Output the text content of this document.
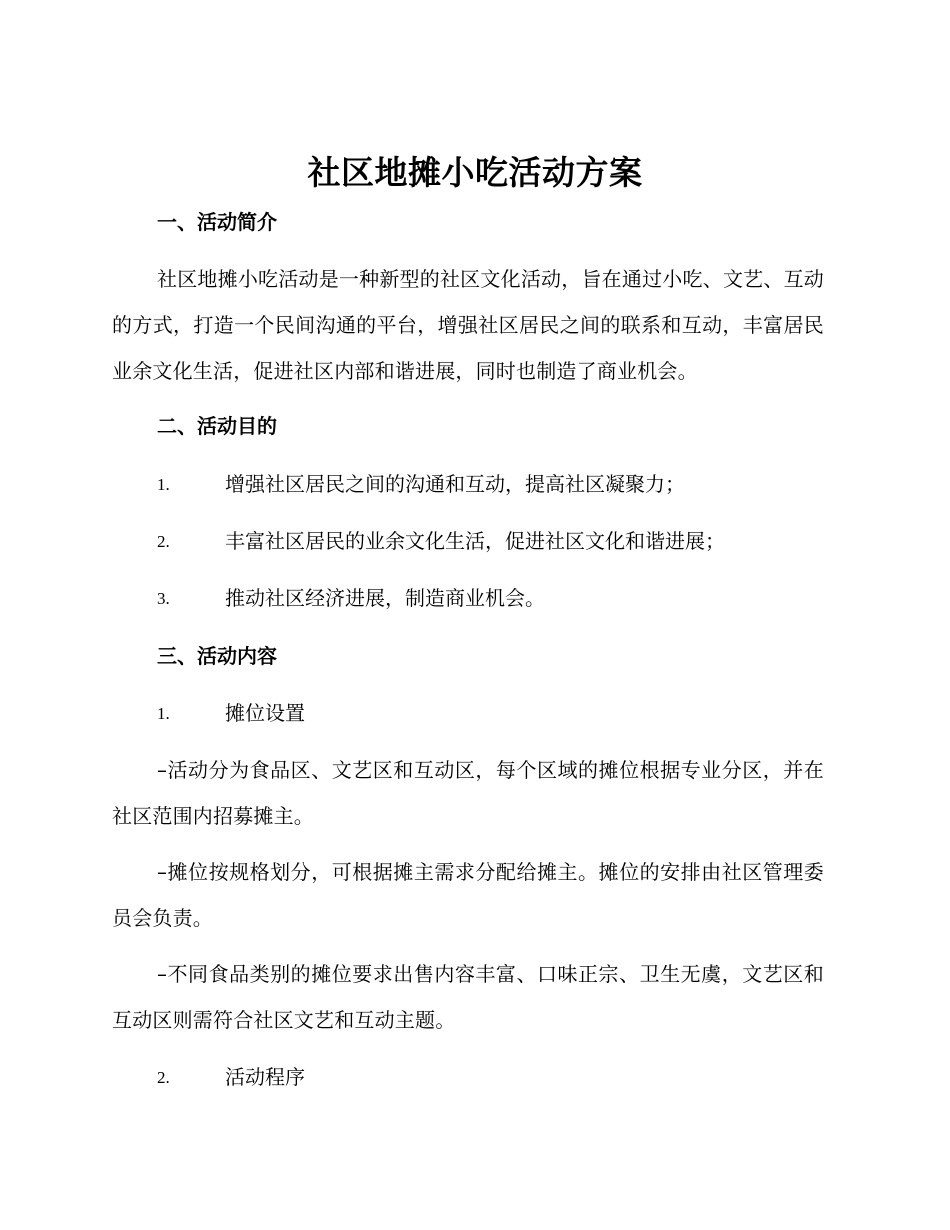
社区地摊小吃活动方案
一、活动简介

社区地摊小吃活动是一种新型的社区文化活动，旨在通过小吃、文艺、互动的方式，打造一个民间沟通的平台，增强社区居民之间的联系和互动，丰富居民业余文化生活，促进社区内部和谐进展，同时也制造了商业机会。

二、活动目的
1.	增强社区居民之间的沟通和互动，提高社区凝聚力；
2.	丰富社区居民的业余文化生活，促进社区文化和谐进展；
3.	推动社区经济进展，制造商业机会。
三、活动内容
1.	摊位设置

–活动分为食品区、文艺区和互动区，每个区域的摊位根据专业分区，并在社区范围内招募摊主。

–摊位按规格划分，可根据摊主需求分配给摊主。摊位的安排由社区管理委员会负责。

–不同食品类别的摊位要求出售内容丰富、口味正宗、卫生无虞，文艺区和互动区则需符合社区文艺和互动主题。

2.	活动程序
